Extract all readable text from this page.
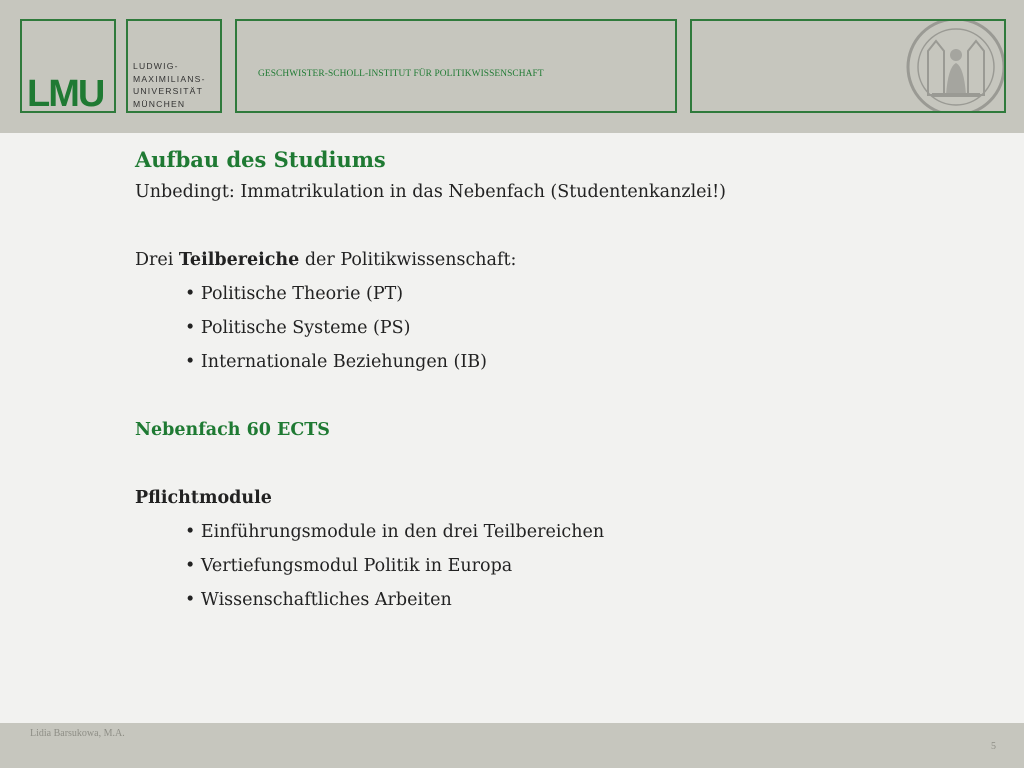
LMU
LUDWIG-
MAXIMILIANS-
UNIVERSITÄT
MÜNCHEN
GESCHWISTER-SCHOLL-INSTITUT FÜR POLITIKWISSENSCHAFT
Aufbau des Studiums
Unbedingt: Immatrikulation in das Nebenfach (Studentenkanzlei!)
Drei Teilbereiche der Politikwissenschaft:
• Politische Theorie (PT)
• Politische Systeme (PS)
• Internationale Beziehungen (IB)
Nebenfach 60 ECTS
Pflichtmodule
• Einführungsmodule in den drei Teilbereichen
• Vertiefungsmodul Politik in Europa
• Wissenschaftliches Arbeiten
Lidia Barsukowa, M.A.
5
